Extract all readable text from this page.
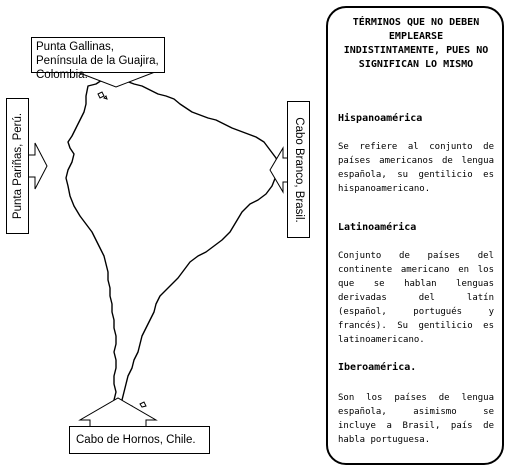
Punta Gallinas, Península de la Guajira, Colombia.
Punta Pariñas, Perú.	Cabo Branco, Brasil.
Cabo de Hornos, Chile.
TÉRMINOS QUE NO DEBEN EMPLEARSE INDISTINTAMENTE, PUES NO SIGNIFICAN LO MISMO
Hispanoamérica

Se refiere al conjunto de países americanos de lengua española, su gentilicio es hispanoamericano.

Latinoamérica

Conjunto de países del continente americano en los que se hablan lenguas derivadas del latín (español, portugués y francés). Su gentilicio es latinoamericano.

Iberoamérica.

Son los países de lengua española, asimismo se incluye a Brasil, país de habla portuguesa.
